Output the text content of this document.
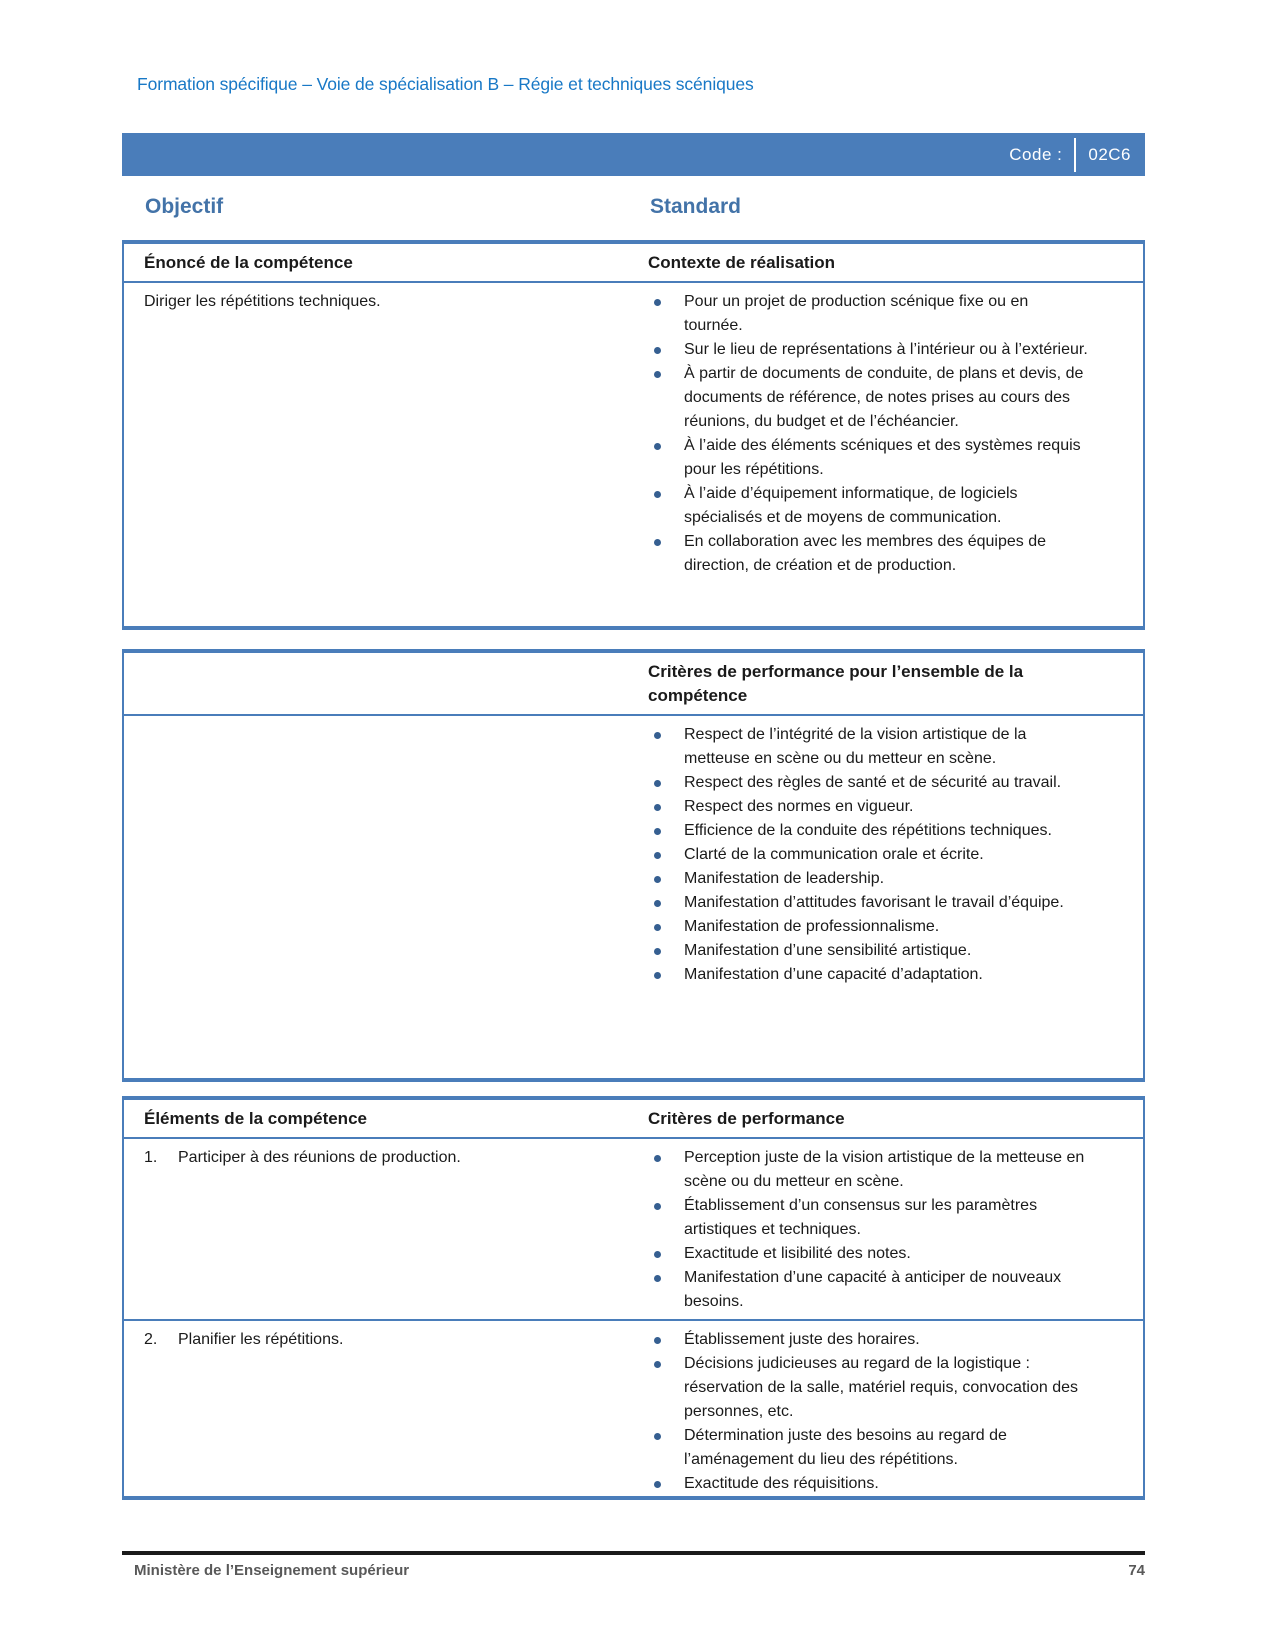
Formation spécifique – Voie de spécialisation B – Régie et techniques scéniques
Code : 02C6
Objectif	Standard
Énoncé de la compétence	Contexte de réalisation

Diriger les répétitions techniques.	Pour un projet de production scénique fixe ou en tournée.
Sur le lieu de représentations à l’intérieur ou à l’extérieur.
À partir de documents de conduite, de plans et devis, de documents de référence, de notes prises au cours des réunions, du budget et de l’échéancier.
À l’aide des éléments scéniques et des systèmes requis pour les répétitions.
À l’aide d’équipement informatique, de logiciels spécialisés et de moyens de communication.
En collaboration avec les membres des équipes de direction, de création et de production.
Critères de performance pour l’ensemble de la compétence
Respect de l’intégrité de la vision artistique de la metteuse en scène ou du metteur en scène.
Respect des règles de santé et de sécurité au travail.
Respect des normes en vigueur.
Efficience de la conduite des répétitions techniques.
Clarté de la communication orale et écrite.
Manifestation de leadership.
Manifestation d’attitudes favorisant le travail d’équipe.
Manifestation de professionnalisme.
Manifestation d’une sensibilité artistique.
Manifestation d’une capacité d’adaptation.
Éléments de la compétence	Critères de performance
1.	Participer à des réunions de production.	Perception juste de la vision artistique de la metteuse en scène ou du metteur en scène.
Établissement d’un consensus sur les paramètres artistiques et techniques.
Exactitude et lisibilité des notes.
Manifestation d’une capacité à anticiper de nouveaux besoins.
2.	Planifier les répétitions.	Établissement juste des horaires.
Décisions judicieuses au regard de la logistique : réservation de la salle, matériel requis, convocation des personnes, etc.
Détermination juste des besoins au regard de l’aménagement du lieu des répétitions.
Exactitude des réquisitions.
Ministère de l’Enseignement supérieur	74
